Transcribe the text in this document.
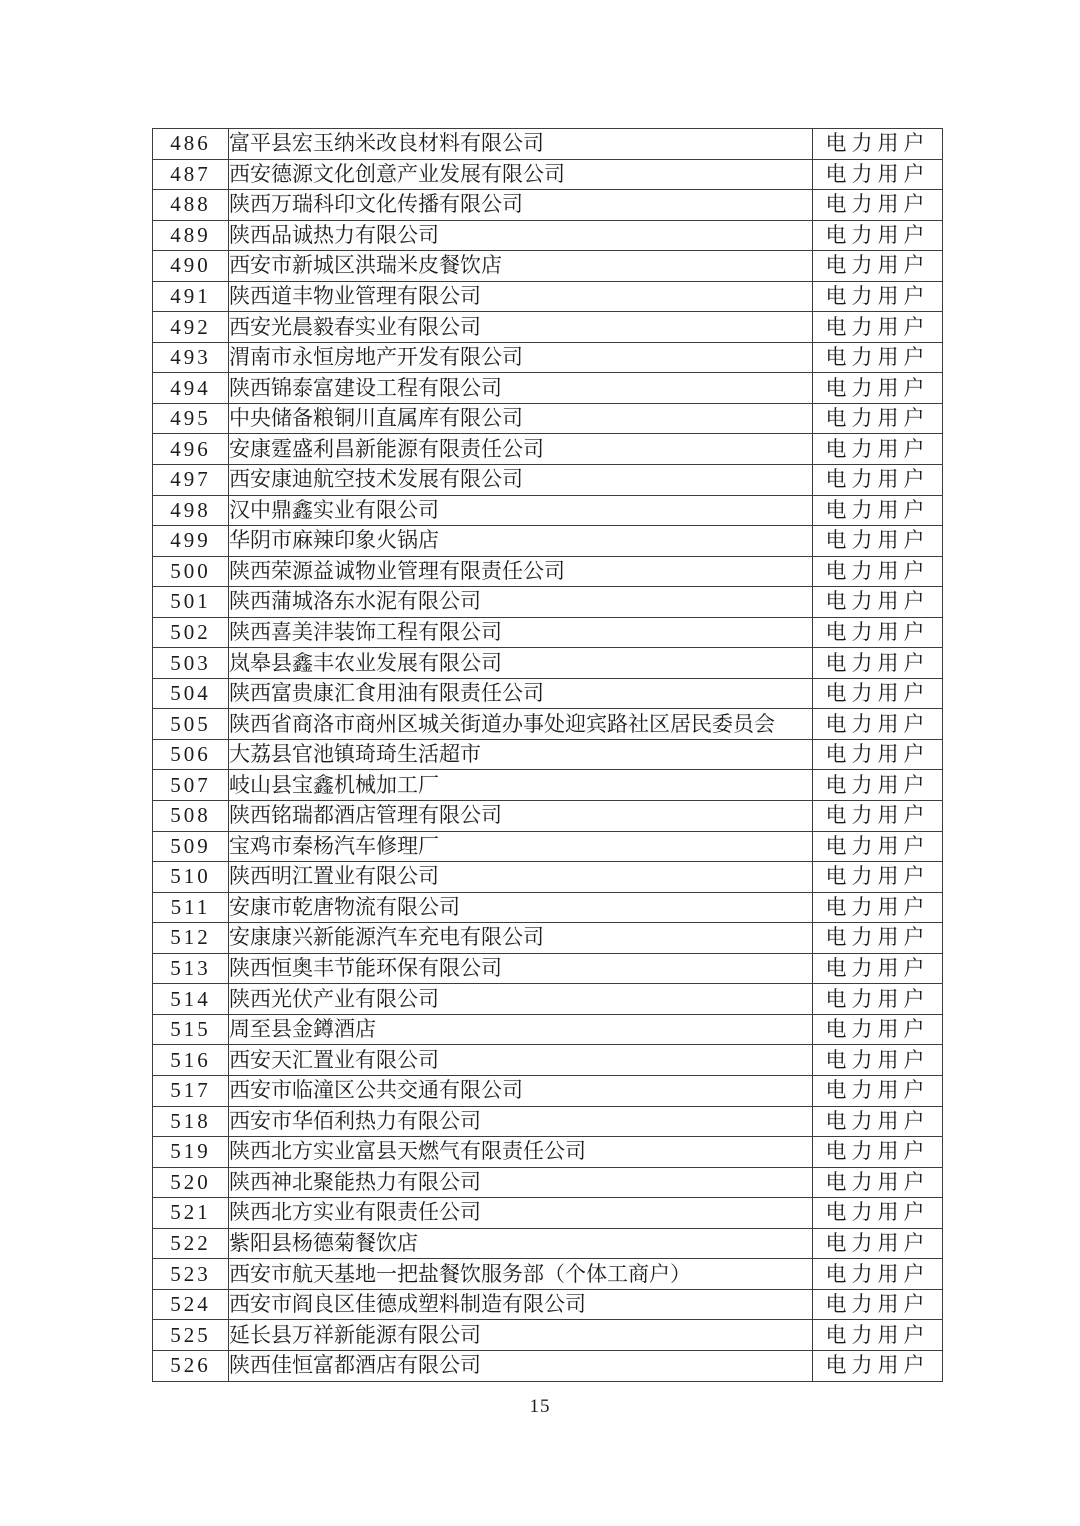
486	富平县宏玉纳米改良材料有限公司	电力用户
487	西安德源文化创意产业发展有限公司	电力用户
488	陕西万瑞科印文化传播有限公司	电力用户
489	陕西品诚热力有限公司	电力用户
490	西安市新城区洪瑞米皮餐饮店	电力用户
491	陕西道丰物业管理有限公司	电力用户
492	西安光晨毅春实业有限公司	电力用户
493	渭南市永恒房地产开发有限公司	电力用户
494	陕西锦泰富建设工程有限公司	电力用户
495	中央储备粮铜川直属库有限公司	电力用户
496	安康霆盛利昌新能源有限责任公司	电力用户
497	西安康迪航空技术发展有限公司	电力用户
498	汉中鼎鑫实业有限公司	电力用户
499	华阴市麻辣印象火锅店	电力用户
500	陕西荣源益诚物业管理有限责任公司	电力用户
501	陕西蒲城洛东水泥有限公司	电力用户
502	陕西喜美沣装饰工程有限公司	电力用户
503	岚皋县鑫丰农业发展有限公司	电力用户
504	陕西富贵康汇食用油有限责任公司	电力用户
505	陕西省商洛市商州区城关街道办事处迎宾路社区居民委员会	电力用户
506	大荔县官池镇琦琦生活超市	电力用户
507	岐山县宝鑫机械加工厂	电力用户
508	陕西铭瑞都酒店管理有限公司	电力用户
509	宝鸡市秦杨汽车修理厂	电力用户
510	陕西明江置业有限公司	电力用户
511	安康市乾唐物流有限公司	电力用户
512	安康康兴新能源汽车充电有限公司	电力用户
513	陕西恒奥丰节能环保有限公司	电力用户
514	陕西光伏产业有限公司	电力用户
515	周至县金鐏酒店	电力用户
516	西安天汇置业有限公司	电力用户
517	西安市临潼区公共交通有限公司	电力用户
518	西安市华佰利热力有限公司	电力用户
519	陕西北方实业富县天燃气有限责任公司	电力用户
520	陕西神北聚能热力有限公司	电力用户
521	陕西北方实业有限责任公司	电力用户
522	紫阳县杨德菊餐饮店	电力用户
523	西安市航天基地一把盐餐饮服务部（个体工商户）	电力用户
524	西安市阎良区佳德成塑料制造有限公司	电力用户
525	延长县万祥新能源有限公司	电力用户
526	陕西佳恒富都酒店有限公司	电力用户
15
